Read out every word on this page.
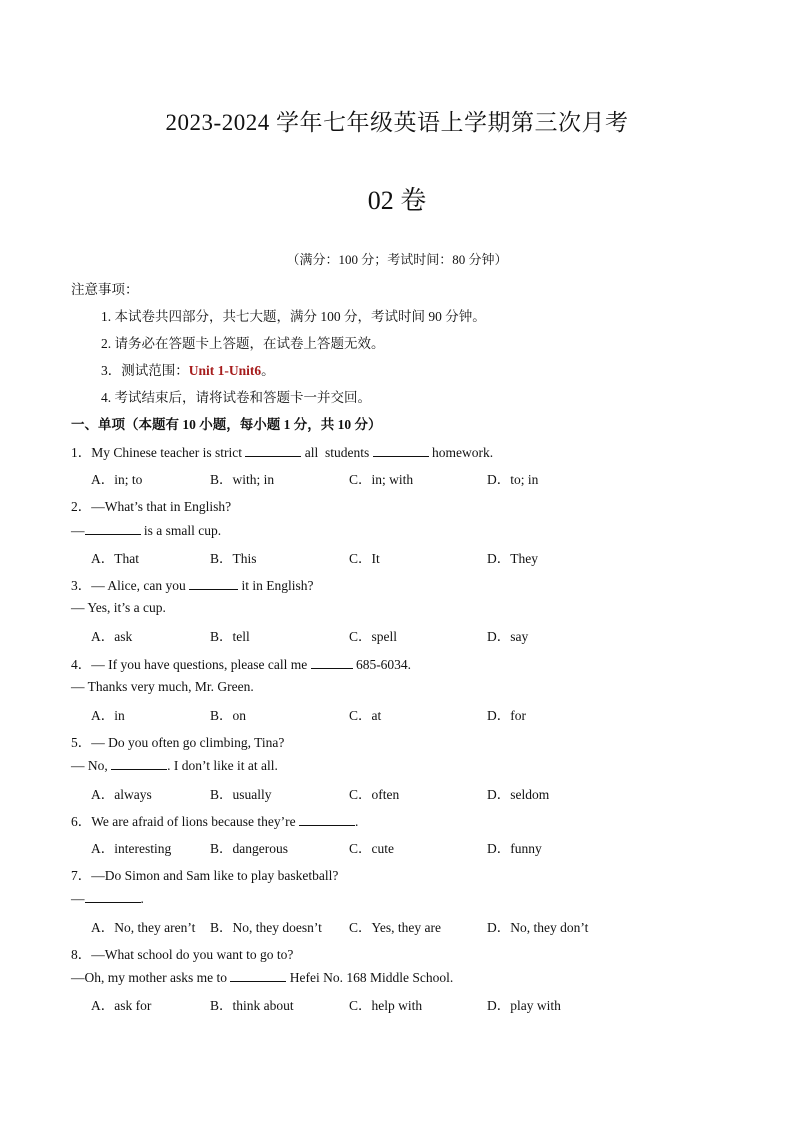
2023-2024 学年七年级英语上学期第三次月考
02 卷
（满分：100 分；考试时间：80 分钟）
注意事项：
1. 本试卷共四部分，共七大题，满分 100 分，考试时间 90 分钟。
2. 请务必在答题卡上答题，在试卷上答题无效。
3．测试范围：Unit 1-Unit6。
4. 考试结束后，请将试卷和答题卡一并交回。
一、单项（本题有 10 小题，每小题 1 分，共 10 分）
1．My Chinese teacher is strict	all  students	homework.
A．in; to	B．with; in	C．in; with	D．to; in
2．—What’s that in English?
—	is a small cup.
A．That	B．This	C．It	D．They
3．— Alice, can you	it in English?
— Yes, it’s a cup.
A．ask	B．tell	C．spell	D．say
4．— If you have questions, please call me	685-6034.
— Thanks very much, Mr. Green.
A．in	B．on	C．at	D．for
5．— Do you often go climbing, Tina?
— No,	. I don’t like it at all.
A．always	B．usually	C．often	D．seldom
6．We are afraid of lions because they’re	.
A．interesting	B．dangerous	C．cute	D．funny
7．—Do Simon and Sam like to play basketball?
—	.
A．No, they aren’t B．No, they doesn’t C．Yes, they are	D．No, they don’t
8．—What school do you want to go to?
—Oh, my mother asks me to	Hefei No. 168 Middle School.
A．ask for	B．think about	C．help with	D．play with
